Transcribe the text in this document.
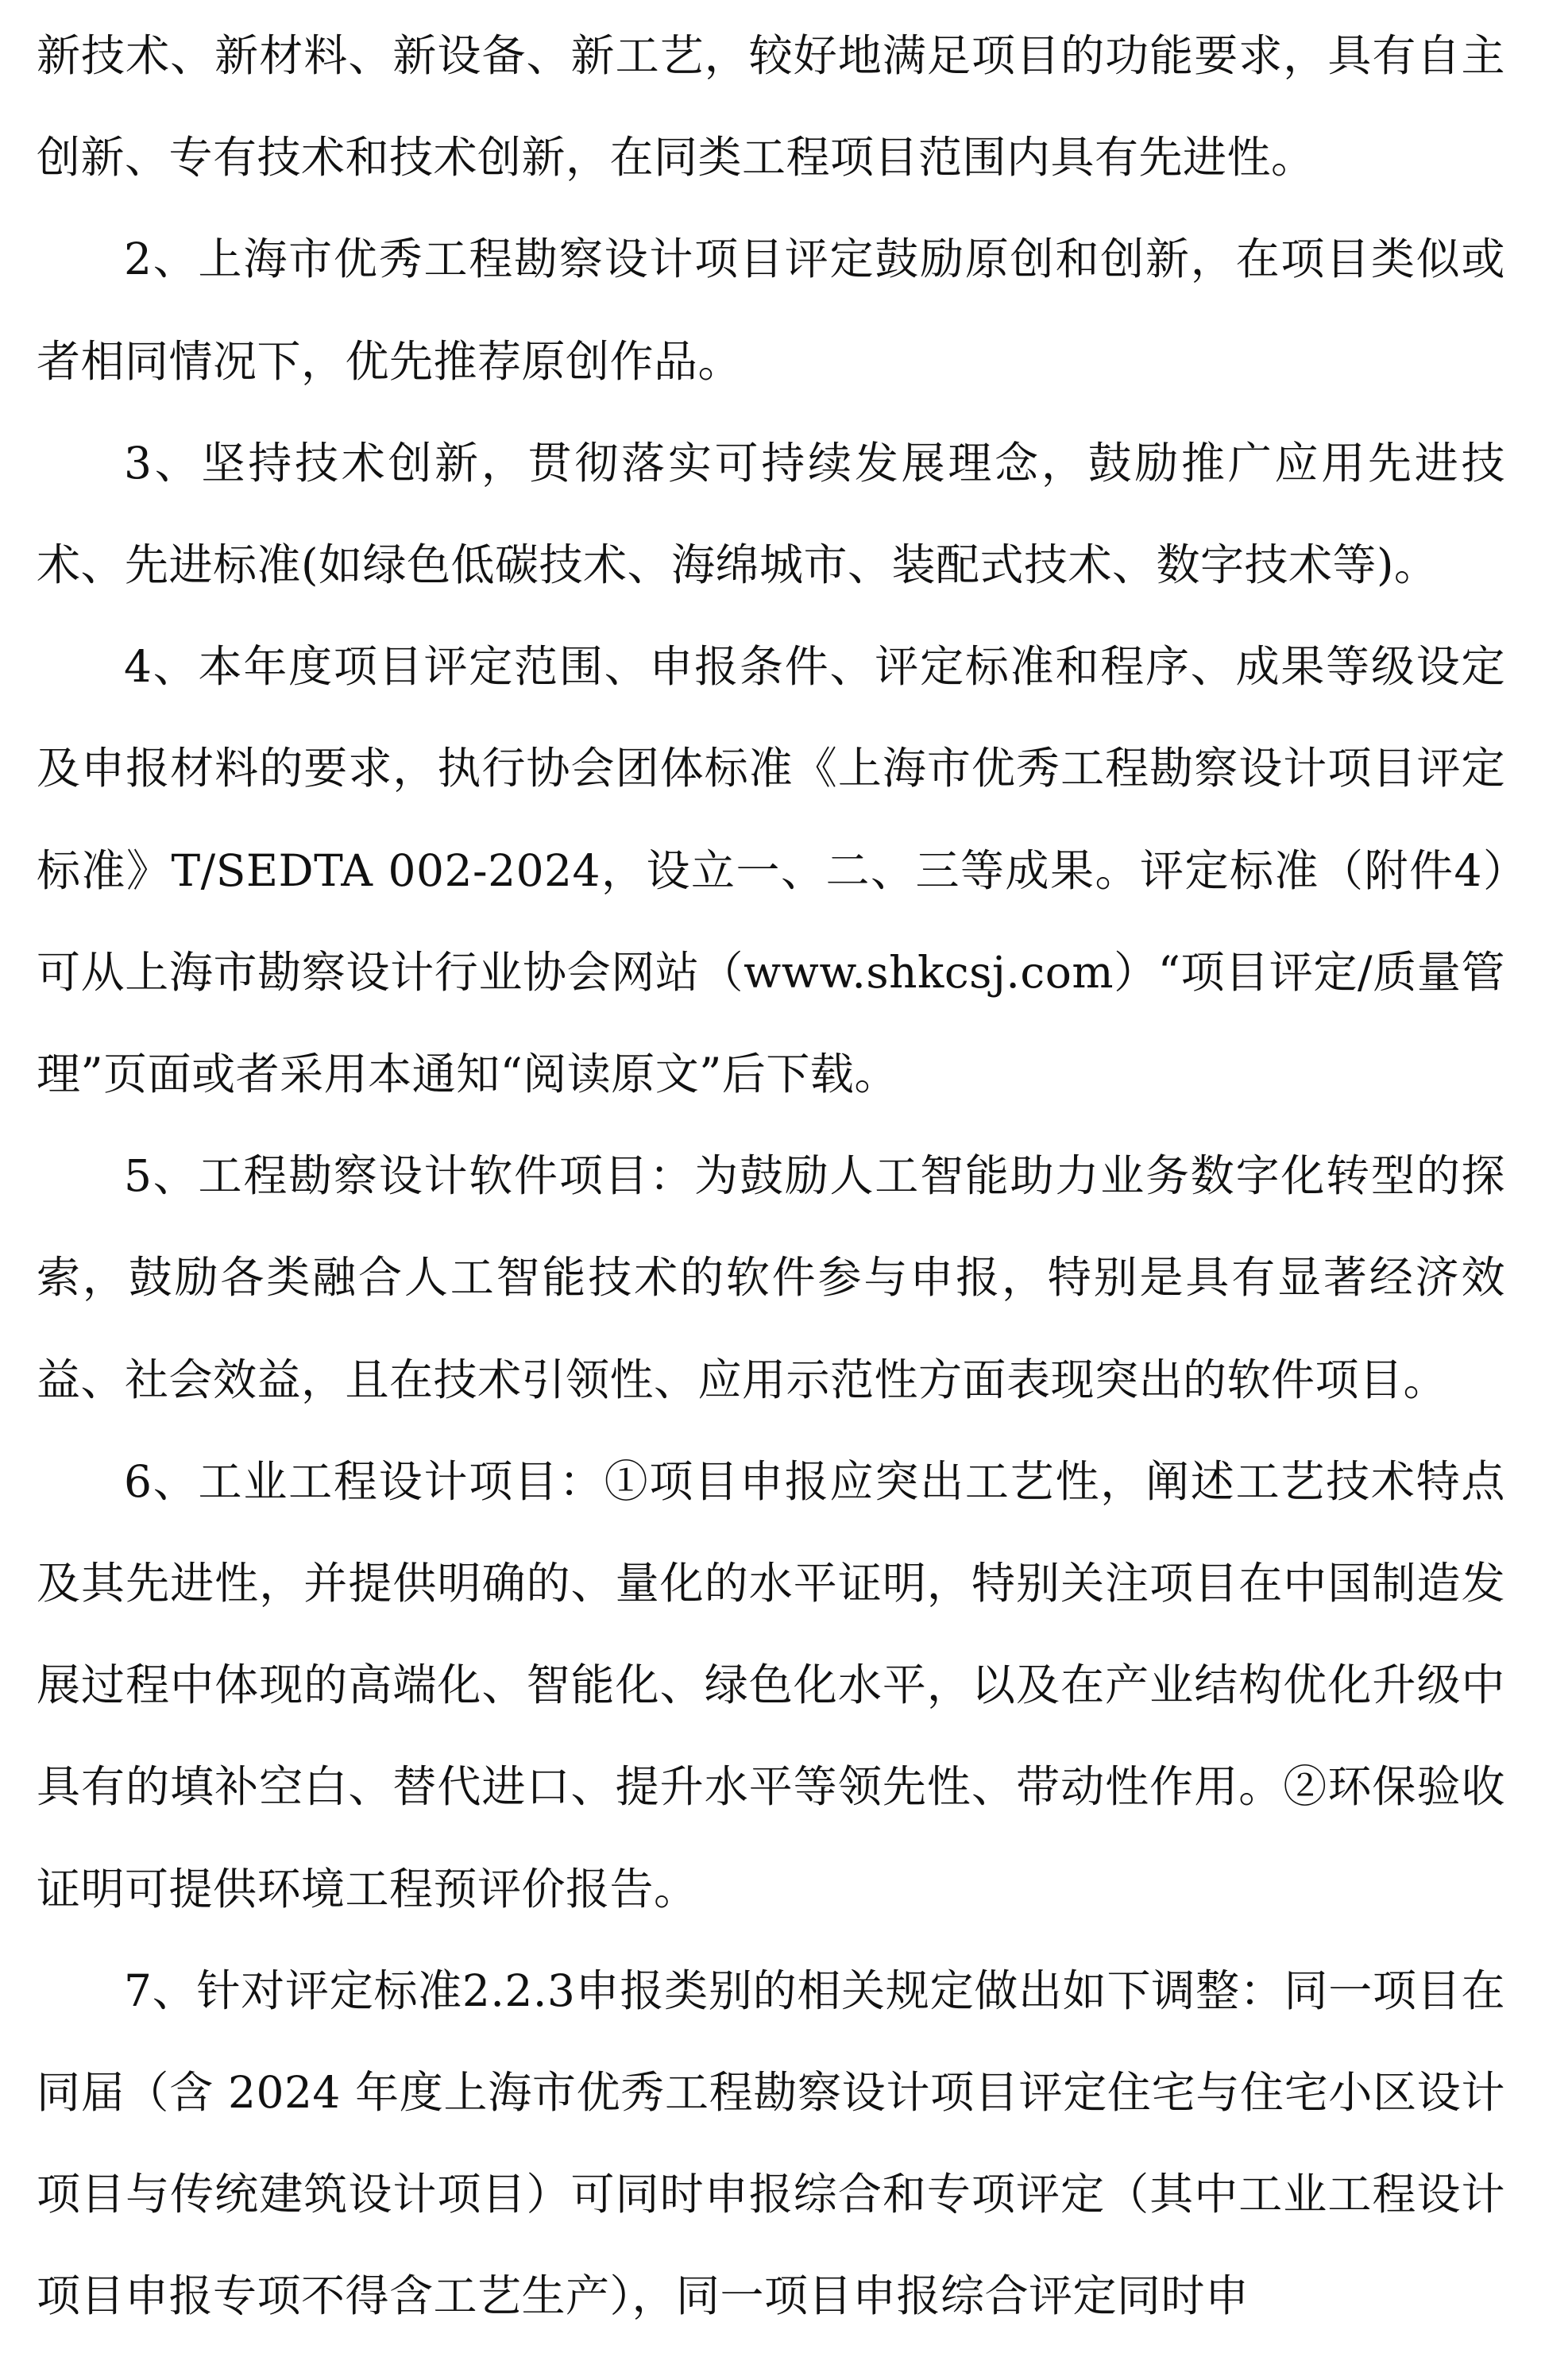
新技术、新材料、新设备、新工艺，较好地满足项目的功能要求，具有自主创新、专有技术和技术创新，在同类工程项目范围内具有先进性。

2、上海市优秀工程勘察设计项目评定鼓励原创和创新，在项目类似或者相同情况下，优先推荐原创作品。

3、坚持技术创新，贯彻落实可持续发展理念，鼓励推广应用先进技术、先进标准(如绿色低碳技术、海绵城市、装配式技术、数字技术等)。

4、本年度项目评定范围、申报条件、评定标准和程序、成果等级设定及申报材料的要求，执行协会团体标准《上海市优秀工程勘察设计项目评定标准》T/SEDTA 002-2024，设立一、二、三等成果。评定标准（附件4）可从上海市勘察设计行业协会网站（www.shkcsj.com）“项目评定/质量管理”页面或者采用本通知“阅读原文”后下载。

5、工程勘察设计软件项目：为鼓励人工智能助力业务数字化转型的探索，鼓励各类融合人工智能技术的软件参与申报，特别是具有显著经济效益、社会效益，且在技术引领性、应用示范性方面表现突出的软件项目。

6、工业工程设计项目：①项目申报应突出工艺性，阐述工艺技术特点及其先进性，并提供明确的、量化的水平证明，特别关注项目在中国制造发展过程中体现的高端化、智能化、绿色化水平，以及在产业结构优化升级中具有的填补空白、替代进口、提升水平等领先性、带动性作用。②环保验收证明可提供环境工程预评价报告。

7、针对评定标准2.2.3申报类别的相关规定做出如下调整：同一项目在同届（含 2024 年度上海市优秀工程勘察设计项目评定住宅与住宅小区设计项目与传统建筑设计项目）可同时申报综合和专项评定（其中工业工程设计项目申报专项不得含工艺生产），同一项目申报综合评定同时申
